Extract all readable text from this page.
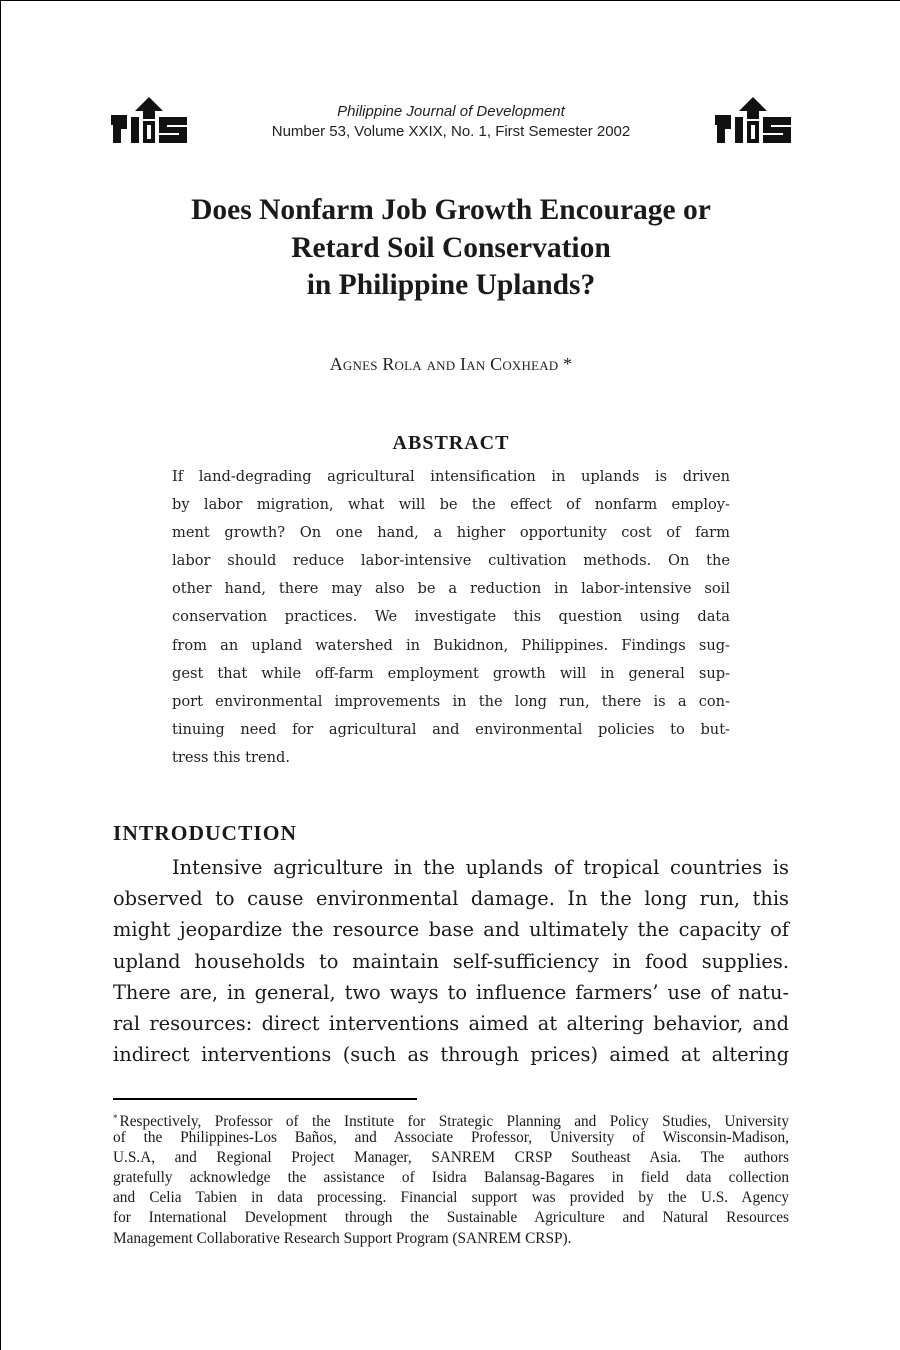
Philippine Journal of Development
Number 53, Volume XXIX, No. 1, First Semester 2002
Does Nonfarm Job Growth Encourage or
Retard Soil Conservation
in Philippine Uplands?
Agnes Rola and Ian Coxhead *
ABSTRACT
If land-degrading agricultural intensification in uplands is driven
by labor migration, what will be the effect of nonfarm employ-
ment growth? On one hand, a higher opportunity cost of farm
labor should reduce labor-intensive cultivation methods. On the
other hand, there may also be a reduction in labor-intensive soil
conservation practices. We investigate this question using data
from an upland watershed in Bukidnon, Philippines. Findings sug-
gest that while off-farm employment growth will in general sup-
port environmental improvements in the long run, there is a con-
tinuing need for agricultural and environmental policies to but-
tress this trend.
INTRODUCTION
Intensive agriculture in the uplands of tropical countries is
observed to cause environmental damage. In the long run, this
might jeopardize the resource base and ultimately the capacity of
upland households to maintain self-sufficiency in food supplies.
There are, in general, two ways to influence farmers’ use of natu-
ral resources: direct interventions aimed at altering behavior, and
indirect interventions (such as through prices) aimed at altering
* Respectively, Professor of the Institute for Strategic Planning and Policy Studies, University
of the Philippines-Los Baños, and Associate Professor, University of Wisconsin-Madison,
U.S.A, and Regional Project Manager, SANREM CRSP Southeast Asia. The authors
gratefully acknowledge the assistance of Isidra Balansag-Bagares in field data collection
and Celia Tabien in data processing. Financial support was provided by the U.S. Agency
for International Development through the Sustainable Agriculture and Natural Resources
Management Collaborative Research Support Program (SANREM CRSP).
